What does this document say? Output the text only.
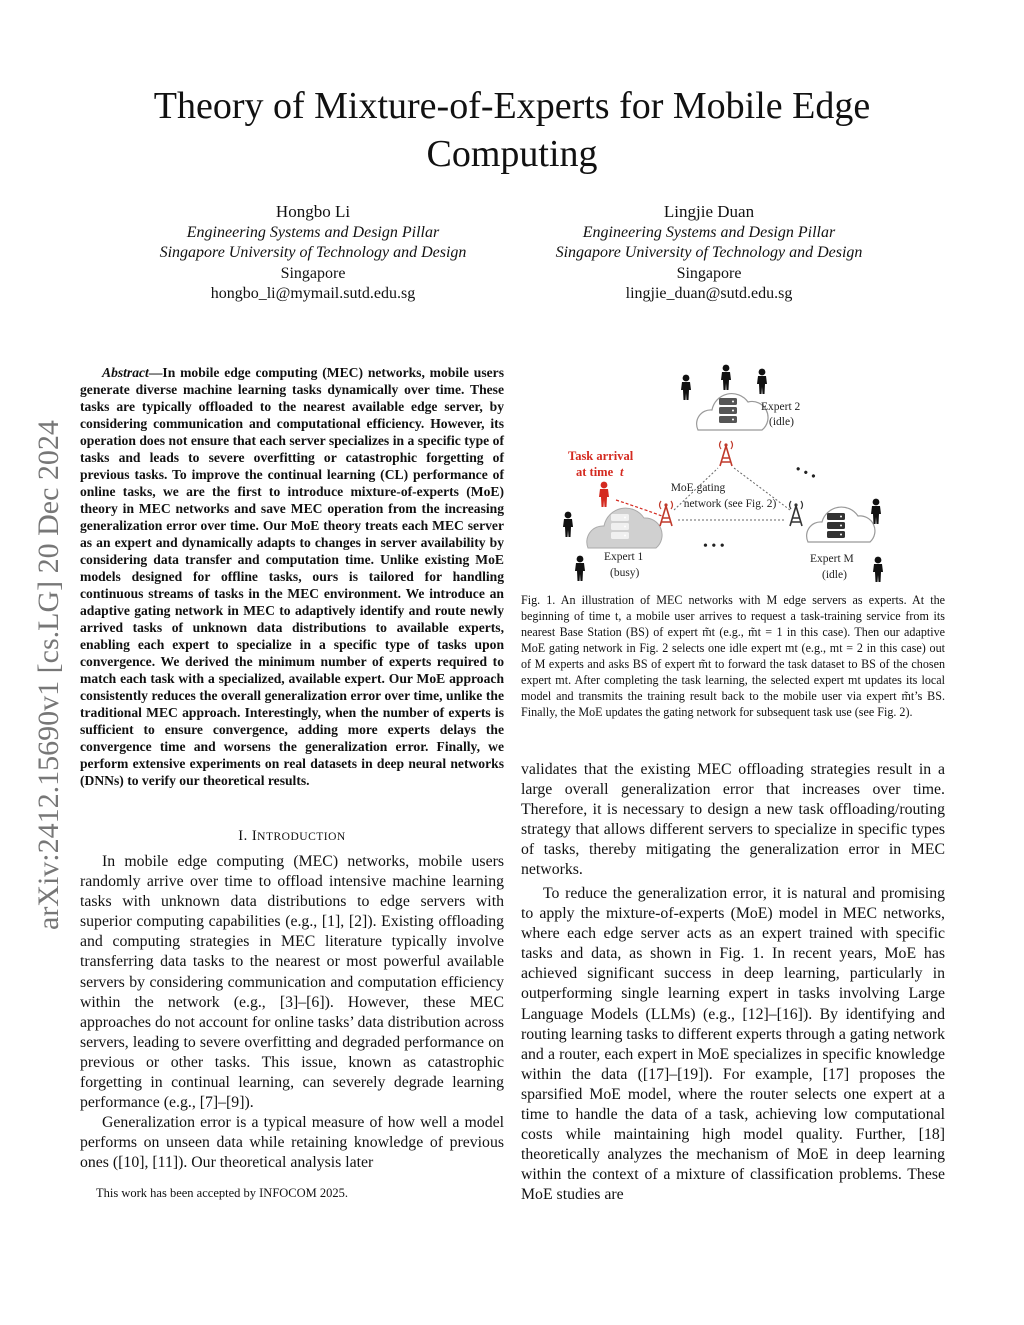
arXiv:2412.15690v1 [cs.LG] 20 Dec 2024
Theory of Mixture-of-Experts for Mobile Edge Computing
Hongbo Li
Engineering Systems and Design Pillar
Singapore University of Technology and Design
Singapore
hongbo_li@mymail.sutd.edu.sg
Lingjie Duan
Engineering Systems and Design Pillar
Singapore University of Technology and Design
Singapore
lingjie_duan@sutd.edu.sg

Abstract—In mobile edge computing (MEC) networks, mobile users generate diverse machine learning tasks dynamically over time. These tasks are typically offloaded to the nearest available edge server, by considering communication and computational efficiency. However, its operation does not ensure that each server specializes in a specific type of tasks and leads to severe overfitting or catastrophic forgetting of previous tasks. To improve the continual learning (CL) performance of online tasks, we are the first to introduce mixture-of-experts (MoE) theory in MEC networks and save MEC operation from the increasing generalization error over time. Our MoE theory treats each MEC server as an expert and dynamically adapts to changes in server availability by considering data transfer and computation time. Unlike existing MoE models designed for offline tasks, ours is tailored for handling continuous streams of tasks in the MEC environment. We introduce an adaptive gating network in MEC to adaptively identify and route newly arrived tasks of unknown data distributions to available experts, enabling each expert to specialize in a specific type of tasks upon convergence. We derived the minimum number of experts required to match each task with a specialized, available expert. Our MoE approach consistently reduces the overall generalization error over time, unlike the traditional MEC approach. Interestingly, when the number of experts is sufficient to ensure convergence, adding more experts delays the convergence time and worsens the generalization error. Finally, we perform extensive experiments on real datasets in deep neural networks (DNNs) to verify our theoretical results.

I. INTRODUCTION

In mobile edge computing (MEC) networks, mobile users randomly arrive over time to offload intensive machine learning tasks with unknown data distributions to edge servers with superior computing capabilities (e.g., [1], [2]). Existing offloading and computing strategies in MEC literature typically involve transferring data tasks to the nearest or most powerful available servers by considering communication and computation efficiency within the network (e.g., [3]–[6]). However, these MEC approaches do not account for online tasks’ data distribution across servers, leading to severe overfitting and degraded performance on previous or other tasks. This issue, known as catastrophic forgetting in continual learning, can severely degrade learning performance (e.g., [7]–[9]).

Generalization error is a typical measure of how well a model performs on unseen data while retaining knowledge of previous ones ([10], [11]). Our theoretical analysis later

This work has been accepted by INFOCOM 2025.
Expert 2
(idle)
Expert 1
(busy)
Expert M
(idle)
MoE gating
network (see Fig. 2)
• • •
• • •
Task arrival
at time t

Fig. 1. An illustration of MEC networks with M edge servers as experts. At the beginning of time t, a mobile user arrives to request a task-training service from its nearest Base Station (BS) of expert m̃t (e.g., m̃t = 1 in this case). Then our adaptive MoE gating network in Fig. 2 selects one idle expert mt (e.g., mt = 2 in this case) out of M experts and asks BS of expert m̃t to forward the task dataset to BS of the chosen expert mt. After completing the task learning, the selected expert mt updates its local model and transmits the training result back to the mobile user via expert m̃t’s BS. Finally, the MoE updates the gating network for subsequent task use (see Fig. 2).

validates that the existing MEC offloading strategies result in a large overall generalization error that increases over time. Therefore, it is necessary to design a new task offloading/routing strategy that allows different servers to specialize in specific types of tasks, thereby mitigating the generalization error in MEC networks.

To reduce the generalization error, it is natural and promising to apply the mixture-of-experts (MoE) model in MEC networks, where each edge server acts as an expert trained with specific tasks and data, as shown in Fig. 1. In recent years, MoE has achieved significant success in deep learning, particularly in outperforming single learning expert in tasks involving Large Language Models (LLMs) (e.g., [12]–[16]). By identifying and routing learning tasks to different experts through a gating network and a router, each expert in MoE specializes in specific knowledge within the data ([17]–[19]). For example, [17] proposes the sparsified MoE model, where the router selects one expert at a time to handle the data of a task, achieving low computational costs while maintaining high model quality. Further, [18] theoretically analyzes the mechanism of MoE in deep learning within the context of a mixture of classification problems. These MoE studies are
